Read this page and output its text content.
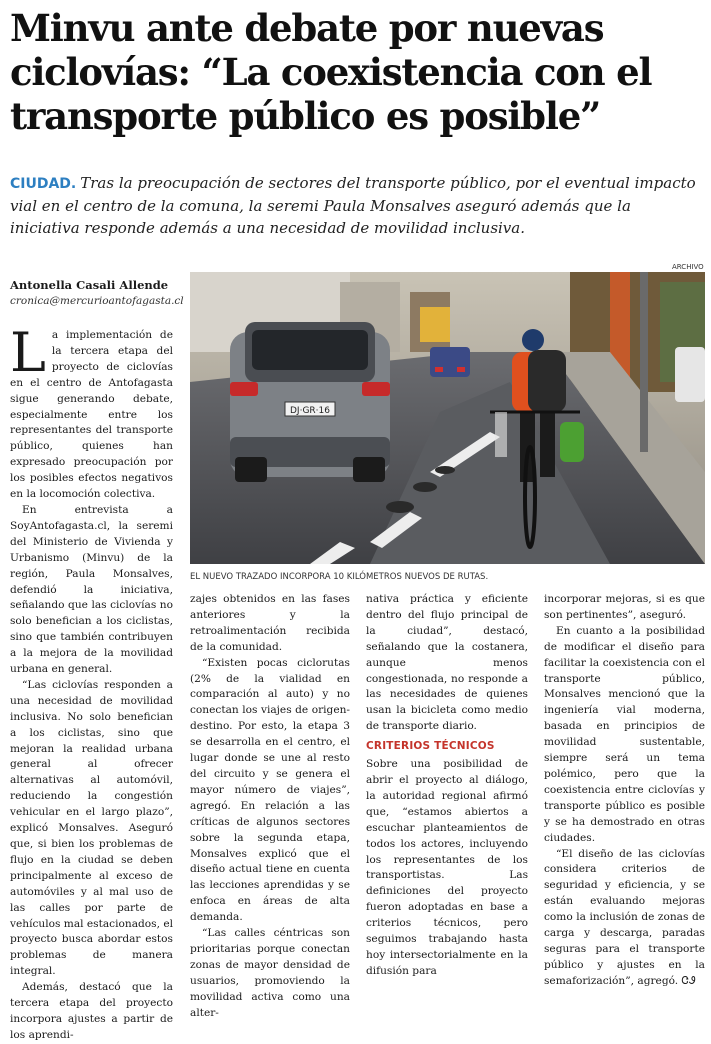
Minvu ante debate por nuevas ciclovías: “La coexistencia con el transporte público es posible”
CIUDAD. Tras la preocupación de sectores del transporte público, por el eventual impacto vial en el centro de la comuna, la seremi Paula Monsalves aseguró además que la iniciativa responde además a una necesidad de movilidad inclusiva.
Antonella Casali Allende
cronica@mercurioantofagasta.cl
ARCHIVO
DJ·GR·16
EL NUEVO TRAZADO INCORPORA 10 KILÓMETROS NUEVOS DE RUTAS.
L a implementación de la tercera etapa del proyecto de ciclovías en el centro de Antofagasta sigue generando debate, especialmente entre los representantes del transporte público, quienes han expresado preocupación por los posibles efectos negativos en la locomoción colectiva.

En entrevista a SoyAntofagasta.cl, la seremi del Ministerio de Vivienda y Urbanismo (Minvu) de la región, Paula Monsalves, defendió la iniciativa, señalando que las ciclovías no solo benefician a los ciclistas, sino que también contribuyen a la mejora de la movilidad urbana en general.

“Las ciclovías responden a una necesidad de movilidad inclusiva. No solo benefician a los ciclistas, sino que mejoran la realidad urbana general al ofrecer alternativas al automóvil, reduciendo la congestión vehicular en el largo plazo”, explicó Monsalves. Aseguró que, si bien los problemas de flujo en la ciudad se deben principalmente al exceso de automóviles y al mal uso de las calles por parte de vehículos mal estacionados, el proyecto busca abordar estos problemas de manera integral.

Además, destacó que la tercera etapa del proyecto incorpora ajustes a partir de los aprendi-

zajes obtenidos en las fases anteriores y la retroalimentación recibida de la comunidad.

“Existen pocas ciclorutas (2% de la vialidad en comparación al auto) y no conectan los viajes de origen-destino. Por esto, la etapa 3 se desarrolla en el centro, el lugar donde se une al resto del circuito y se genera el mayor número de viajes”, agregó. En relación a las críticas de algunos sectores sobre la segunda etapa, Monsalves explicó que el diseño actual tiene en cuenta las lecciones aprendidas y se enfoca en áreas de alta demanda.

“Las calles céntricas son prioritarias porque conectan zonas de mayor densidad de usuarios, promoviendo la movilidad activa como una alter-

nativa práctica y eficiente dentro del flujo principal de la ciudad”, destacó, señalando que la costanera, aunque menos congestionada, no responde a las necesidades de quienes usan la bicicleta como medio de transporte diario.

CRITERIOS TÉCNICOS

Sobre una posibilidad de abrir el proyecto al diálogo, la autoridad regional afirmó que, “estamos abiertos a escuchar planteamientos de todos los actores, incluyendo los representantes de los transportistas. Las definiciones del proyecto fueron adoptadas en base a criterios técnicos, pero seguimos trabajando hasta hoy intersectorialmente en la difusión para

incorporar mejoras, si es que son pertinentes”, aseguró.

En cuanto a la posibilidad de modificar el diseño para facilitar la coexistencia con el transporte público, Monsalves mencionó que la ingeniería vial moderna, basada en principios de movilidad sustentable, siempre será un tema polémico, pero que la coexistencia entre ciclovías y transporte público es posible y se ha demostrado en otras ciudades.

“El diseño de las ciclovías considera criterios de seguridad y eficiencia, y se están evaluando mejoras como la inclusión de zonas de carga y descarga, paradas seguras para el transporte público y ajustes en la semaforización”, agregó. ᏣᏭ
